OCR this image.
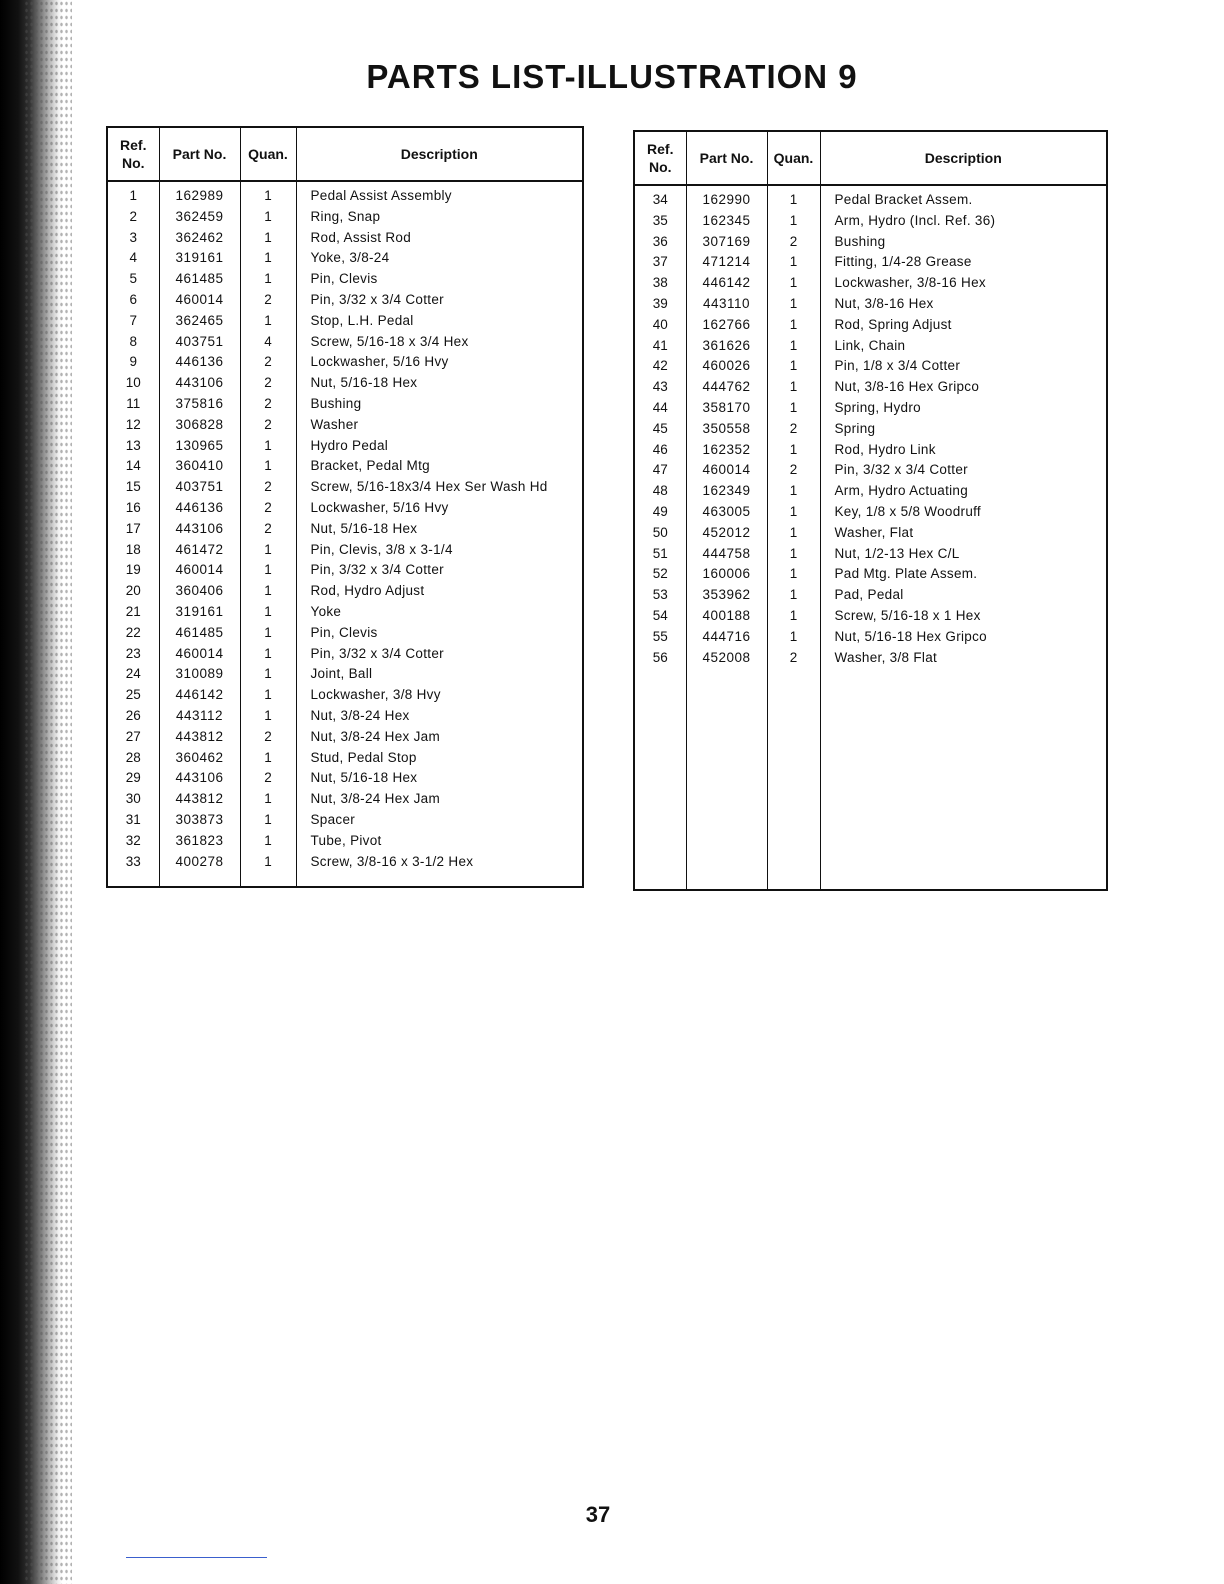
PARTS LIST-ILLUSTRATION 9
Ref. No.	Part No.	Quan.	Description
1	162989	1	Pedal Assist Assembly
2	362459	1	Ring, Snap
3	362462	1	Rod, Assist Rod
4	319161	1	Yoke, 3/8-24
5	461485	1	Pin, Clevis
6	460014	2	Pin, 3/32 x 3/4 Cotter
7	362465	1	Stop, L.H. Pedal
8	403751	4	Screw, 5/16-18 x 3/4 Hex
9	446136	2	Lockwasher, 5/16 Hvy
10	443106	2	Nut, 5/16-18 Hex
11	375816	2	Bushing
12	306828	2	Washer
13	130965	1	Hydro Pedal
14	360410	1	Bracket, Pedal Mtg
15	403751	2	Screw, 5/16-18x3/4 Hex Ser Wash Hd
16	446136	2	Lockwasher, 5/16 Hvy
17	443106	2	Nut, 5/16-18 Hex
18	461472	1	Pin, Clevis, 3/8 x 3-1/4
19	460014	1	Pin, 3/32 x 3/4 Cotter
20	360406	1	Rod, Hydro Adjust
21	319161	1	Yoke
22	461485	1	Pin, Clevis
23	460014	1	Pin, 3/32 x 3/4 Cotter
24	310089	1	Joint, Ball
25	446142	1	Lockwasher, 3/8 Hvy
26	443112	1	Nut, 3/8-24 Hex
27	443812	2	Nut, 3/8-24 Hex Jam
28	360462	1	Stud, Pedal Stop
29	443106	2	Nut, 5/16-18 Hex
30	443812	1	Nut, 3/8-24 Hex Jam
31	303873	1	Spacer
32	361823	1	Tube, Pivot
33	400278	1	Screw, 3/8-16 x 3-1/2 Hex

Ref. No.	Part No.	Quan.	Description
34	162990	1	Pedal Bracket Assem.
35	162345	1	Arm, Hydro (Incl. Ref. 36)
36	307169	2	Bushing
37	471214	1	Fitting, 1/4-28 Grease
38	446142	1	Lockwasher, 3/8-16 Hex
39	443110	1	Nut, 3/8-16 Hex
40	162766	1	Rod, Spring Adjust
41	361626	1	Link, Chain
42	460026	1	Pin, 1/8 x 3/4 Cotter
43	444762	1	Nut, 3/8-16 Hex Gripco
44	358170	1	Spring, Hydro
45	350558	2	Spring
46	162352	1	Rod, Hydro Link
47	460014	2	Pin, 3/32 x 3/4 Cotter
48	162349	1	Arm, Hydro Actuating
49	463005	1	Key, 1/8 x 5/8 Woodruff
50	452012	1	Washer, Flat
51	444758	1	Nut, 1/2-13 Hex C/L
52	160006	1	Pad Mtg. Plate Assem.
53	353962	1	Pad, Pedal
54	400188	1	Screw, 5/16-18 x 1 Hex
55	444716	1	Nut, 5/16-18 Hex Gripco
56	452008	2	Washer, 3/8 Flat

37
